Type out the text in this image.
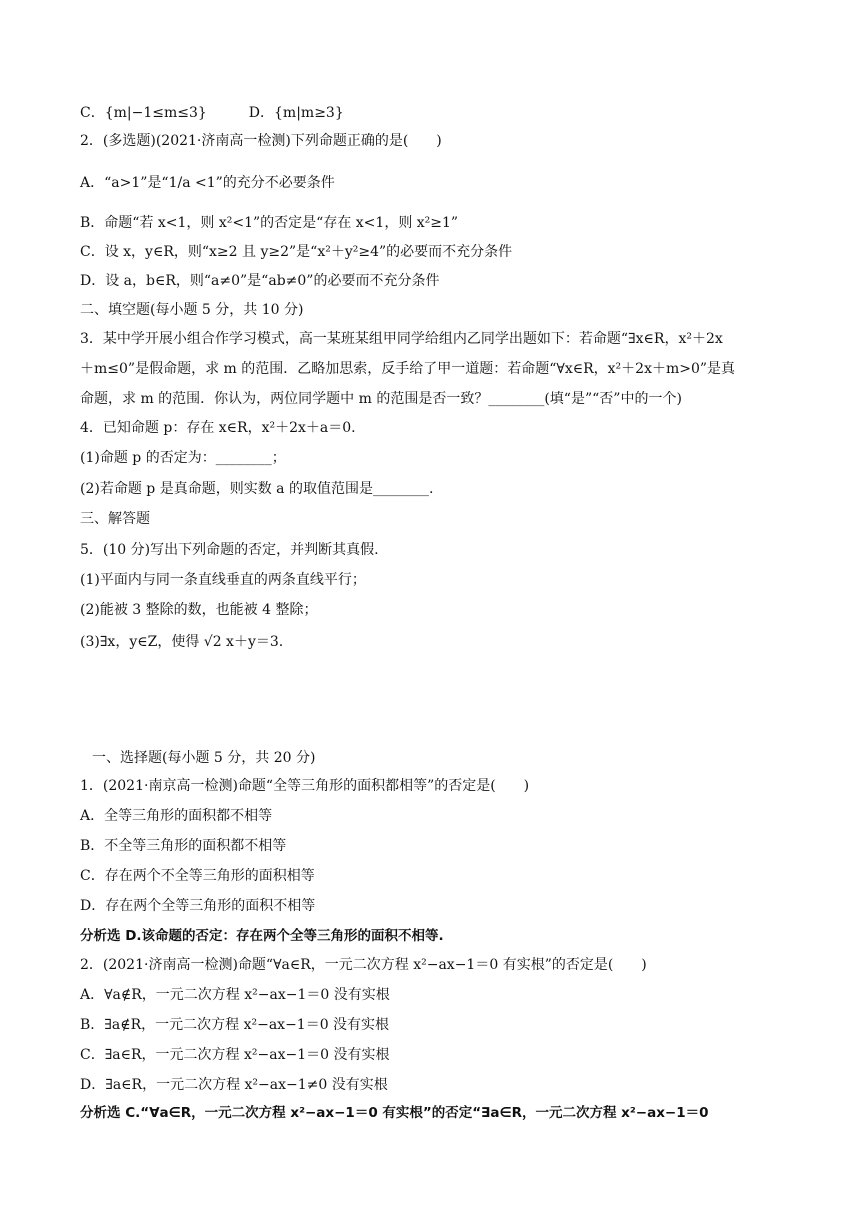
C．{m|−1≤m≤3}　　　D．{m|m≥3}
2．(多选题)(2021·济南高一检测)下列命题正确的是(　　)
A．“a>1”是“1/a <1”的充分不必要条件
B．命题“若 x<1，则 x²<1”的否定是“存在 x<1，则 x²≥1”
C．设 x，y∈R，则“x≥2 且 y≥2”是“x²＋y²≥4”的必要而不充分条件
D．设 a，b∈R，则“a≠0”是“ab≠0”的必要而不充分条件
二、填空题(每小题 5 分，共 10 分)
3．某中学开展小组合作学习模式，高一某班某组甲同学给组内乙同学出题如下：若命题“∃x∈R，x²＋2x
＋m≤0”是假命题，求 m 的范围．乙略加思索，反手给了甲一道题：若命题“∀x∈R，x²＋2x＋m>0”是真
命题，求 m 的范围．你认为，两位同学题中 m 的范围是否一致？________(填“是”“否”中的一个)
4．已知命题 p：存在 x∈R，x²＋2x＋a＝0.
(1)命题 p 的否定为：________；
(2)若命题 p 是真命题，则实数 a 的取值范围是________.
三、解答题
5．(10 分)写出下列命题的否定，并判断其真假.
(1)平面内与同一条直线垂直的两条直线平行；
(2)能被 3 整除的数，也能被 4 整除；
(3)∃x，y∈Z，使得 √2 x＋y＝3.
一、选择题(每小题 5 分，共 20 分)
1．(2021·南京高一检测)命题“全等三角形的面积都相等”的否定是(　　)
A．全等三角形的面积都不相等
B．不全等三角形的面积都不相等
C．存在两个不全等三角形的面积相等
D．存在两个全等三角形的面积不相等
分析选 D.该命题的否定：存在两个全等三角形的面积不相等.
2．(2021·济南高一检测)命题“∀a∈R，一元二次方程 x²−ax−1＝0 有实根”的否定是(　　)
A．∀a∉R，一元二次方程 x²−ax−1＝0 没有实根
B．∃a∉R，一元二次方程 x²−ax−1＝0 没有实根
C．∃a∈R，一元二次方程 x²−ax−1＝0 没有实根
D．∃a∈R，一元二次方程 x²−ax−1≠0 没有实根
分析选 C.“∀a∈R，一元二次方程 x²−ax−1＝0 有实根”的否定“∃a∈R，一元二次方程 x²−ax−1＝0
